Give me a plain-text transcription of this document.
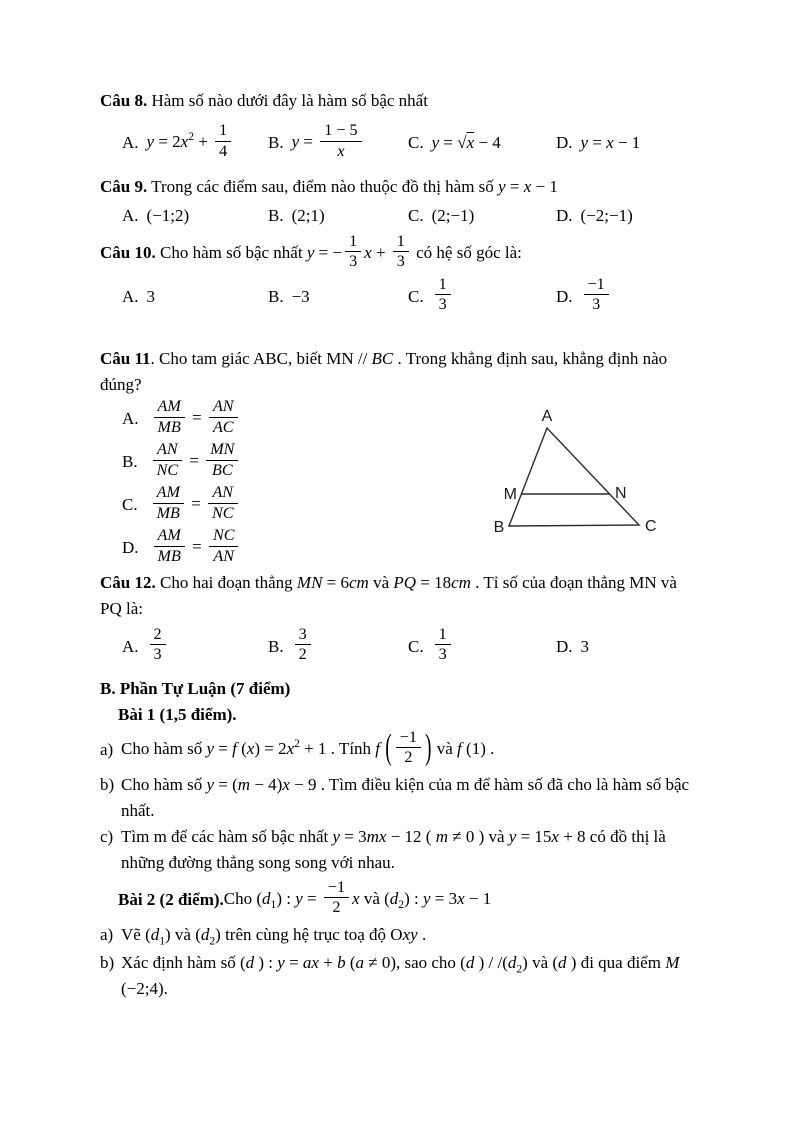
Câu 8. Hàm số nào dưới đây là hàm số bậc nhất

A. $y = 2x^2 + \frac{1}{4} B$. $y = \frac{1 - 5}{x}$	C. y = √x − 4	D. y = x − 1

Câu 9. Trong các điểm sau, điểm nào thuộc đồ thị hàm số y = x − 1

A. (−1;2)	B. (2;1)	C. (2;−1)	D. (−2;−1)

Câu 10. Cho hàm số bậc nhất y = − $\frac{1}{3}$ $x + \frac{1}{3}$ có hệ số góc là:

A. 3	B. −3	C. $\frac{1}{3}$	D. $\frac{-1}{3}$

Câu 11. Cho tam giác ABC, biết MN // BC . Trong khẳng định sau, khẳng định nào đúng?

A. $\frac{AM}{MB} = \frac{AN}{AC}$
B. $\frac{AN}{NC} = \frac{MN}{BC}$
C. $\frac{AM}{MB} = \frac{AN}{NC}$
D. $\frac{AM}{MB} = \frac{NC}{AN}$
A
M	N
B	C

Câu 12. Cho hai đoạn thẳng MN = 6cm và PQ = 18cm . Tỉ số của đoạn thẳng MN và PQ là:

A. $\frac{2}{3}$	B. $\frac{3}{2}$	C. $\frac{1}{3}$	D. 3

B. Phần Tự Luận (7 điểm)

Bài 1 (1,5 điểm).

a) Cho hàm số y = f $(x) = 2x^2 + 1$ . Tính f ( $\frac{-1}{2}$ ) và f (1) .
b) Cho hàm số y = (m − 4)x − 9 . Tìm điều kiện của m để hàm số đã cho là hàm số bậc nhất.
c) Tìm m để các hàm số bậc nhất y = 3mx − 12 ( m ≠ 0 ) và y = 15x + 8 có đồ thị là những đường thẳng song song với nhau.

Bài 2 (2 điểm). Cho $(d_1)$ : $y = \frac{-1}{2}$ x và $(d_2)$ : y = 3x − 1

a) Vẽ $(d_1)$ và $(d_2)$ trên cùng hệ trục toạ độ Oxy .
b) Xác định hàm số (d ) : y = ax + b (a ≠ 0), sao cho (d ) / $/(d_2)$ và (d ) đi qua điểm M (−2;4).
